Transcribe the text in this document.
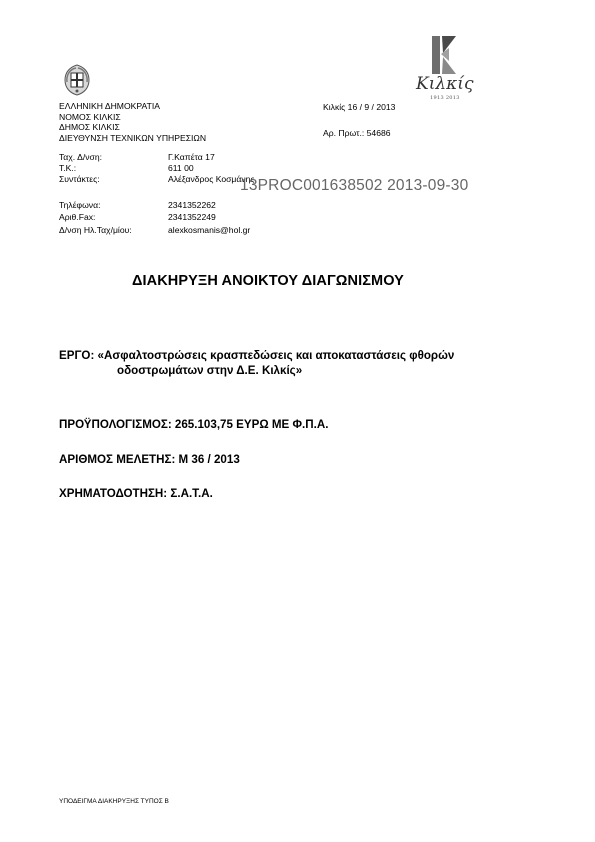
ΕΛΛΗΝΙΚΗ ΔΗΜΟΚΡΑΤΙΑ
ΝΟΜΟΣ ΚΙΛΚΙΣ
ΔΗΜΟΣ ΚΙΛΚΙΣ
ΔΙΕΥΘΥΝΣΗ ΤΕΧΝΙΚΩΝ ΥΠΗΡΕΣΙΩΝ
Ταχ. Δ/νση:	Γ.Καπέτα 17
T.K.:	611 00
Συντάκτες:	Αλέξανδρος Κοσμάνης
Τηλέφωνα:	2341352262
Αριθ.Fax:	2341352249
Δ/νση Ηλ.Ταχ/μίου:	alexkosmanis@hol.gr
Κιλκίς 16 / 9 / 2013
Αρ. Πρωτ.: 54686
Κιλκίς
1913 2013
13PROC001638502 2013-09-30
ΔΙΑΚΗΡΥΞΗ ΑΝΟΙΚΤΟΥ ΔΙΑΓΩΝΙΣΜΟΥ
ΕΡΓΟ: «Ασφαλτοστρώσεις κρασπεδώσεις και αποκαταστάσεις φθορών
οδοστρωμάτων στην Δ.Ε. Κιλκίς»
ΠΡΟΫΠΟΛΟΓΙΣΜΟΣ: 265.103,75 ΕΥΡΩ ΜΕ Φ.Π.Α.
ΑΡΙΘΜΟΣ ΜΕΛΕΤΗΣ: Μ 36 / 2013
ΧΡΗΜΑΤΟΔΟΤΗΣΗ: Σ.Α.Τ.Α.
ΥΠΟΔΕΙΓΜΑ ΔΙΑΚΗΡΥΞΗΣ ΤΥΠΟΣ Β
